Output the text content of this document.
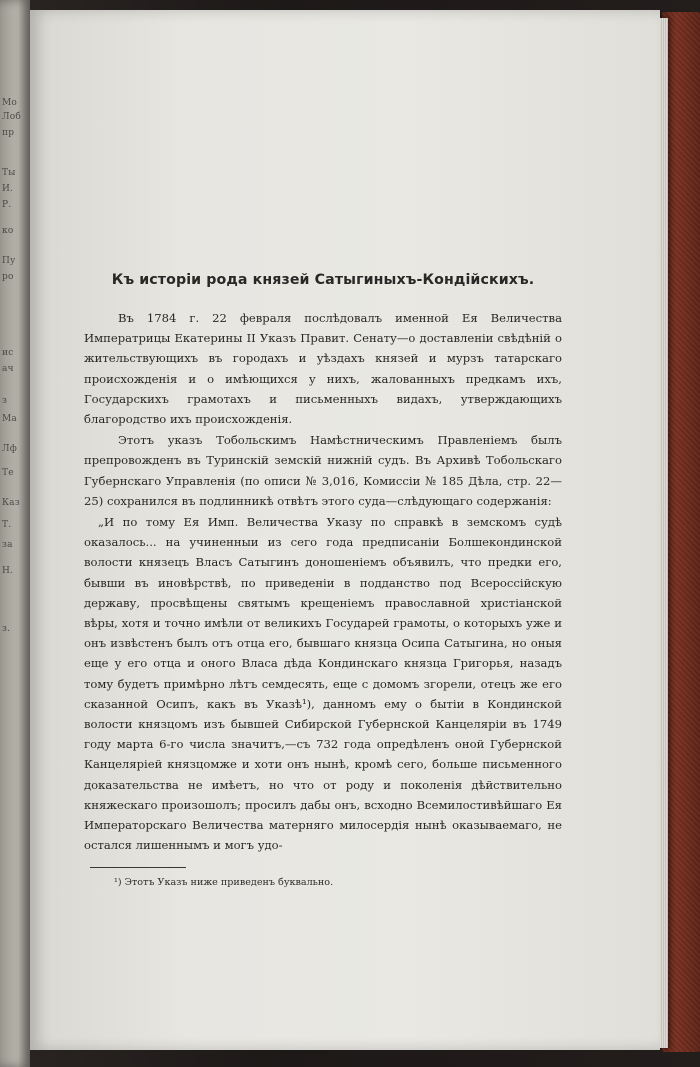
Мо
Лоб
пр
Ты
И.
Р.
ко
Пу
ро
ис
ач
з
Ма
Лф
Те
Каз
Т.
за
Н.
з.
Къ исторіи рода князей Сатыгиныхъ-Кондійскихъ.

Въ 1784 г. 22 февраля послѣдовалъ именной Ея Величества Императрицы Екатерины II Указъ Правит. Сенату—о доставленіи свѣдѣній о жительствующихъ въ городахъ и уѣздахъ князей и мурзъ татарскаго происхожденія и о имѣющихся у нихъ, жалованныхъ предкамъ ихъ, Государскихъ грамотахъ и письменныхъ видахъ, утверждающихъ благородство ихъ происхожденія.

Этотъ указъ Тобольскимъ Намѣстническимъ Правленіемъ былъ препровожденъ въ Туринскій земскій нижній судъ. Въ Архивѣ Тобольскаго Губернскаго Управленія (по описи № 3,016, Комиссіи № 185 Дѣла, стр. 22—25) сохранился въ подлинникѣ отвѣтъ этого суда—слѣдующаго содержанія:

„И по тому Ея Имп. Величества Указу по справкѣ в земскомъ судѣ оказалось... на учиненныи из сего года предписаніи Болшекондинской волости князецъ Власъ Сатыгинъ доношеніемъ объявилъ, что предки его, бывши въ иновѣрствѣ, по приведеніи в подданство под Всероссійскую державу, просвѣщены святымъ крещеніемъ православной христіанской вѣры, хотя и точно имѣли от великихъ Государей грамоты, о которыхъ уже и онъ извѣстенъ былъ отъ отца его, бывшаго князца Осипа Сатыгина, но оныя еще у его отца и оного Власа дѣда Кондинскаго князца Григорья, назадъ тому будетъ примѣрно лѣтъ семдесять, еще с домомъ згорели, отецъ же его сказанной Осипъ, какъ въ Указѣ¹), данномъ ему о бытіи в Кондинской волости князцомъ изъ бывшей Сибирской Губернской Канцеляріи въ 1749 году марта 6-го числа значитъ,—съ 732 года опредѣленъ оной Губернской Канцеляріей князцомже и хоти онъ нынѣ, кромѣ сего, больше письменного доказательства не имѣетъ, но что от роду и поколенія дѣйствительно княжескаго произошолъ; просилъ дабы онъ, всходно Всемилостивѣйшаго Ея Императорскаго Величества матерняго милосердія нынѣ оказываемаго, не остался лишеннымъ и могъ удо-

¹) Этотъ Указъ ниже приведенъ буквально.
